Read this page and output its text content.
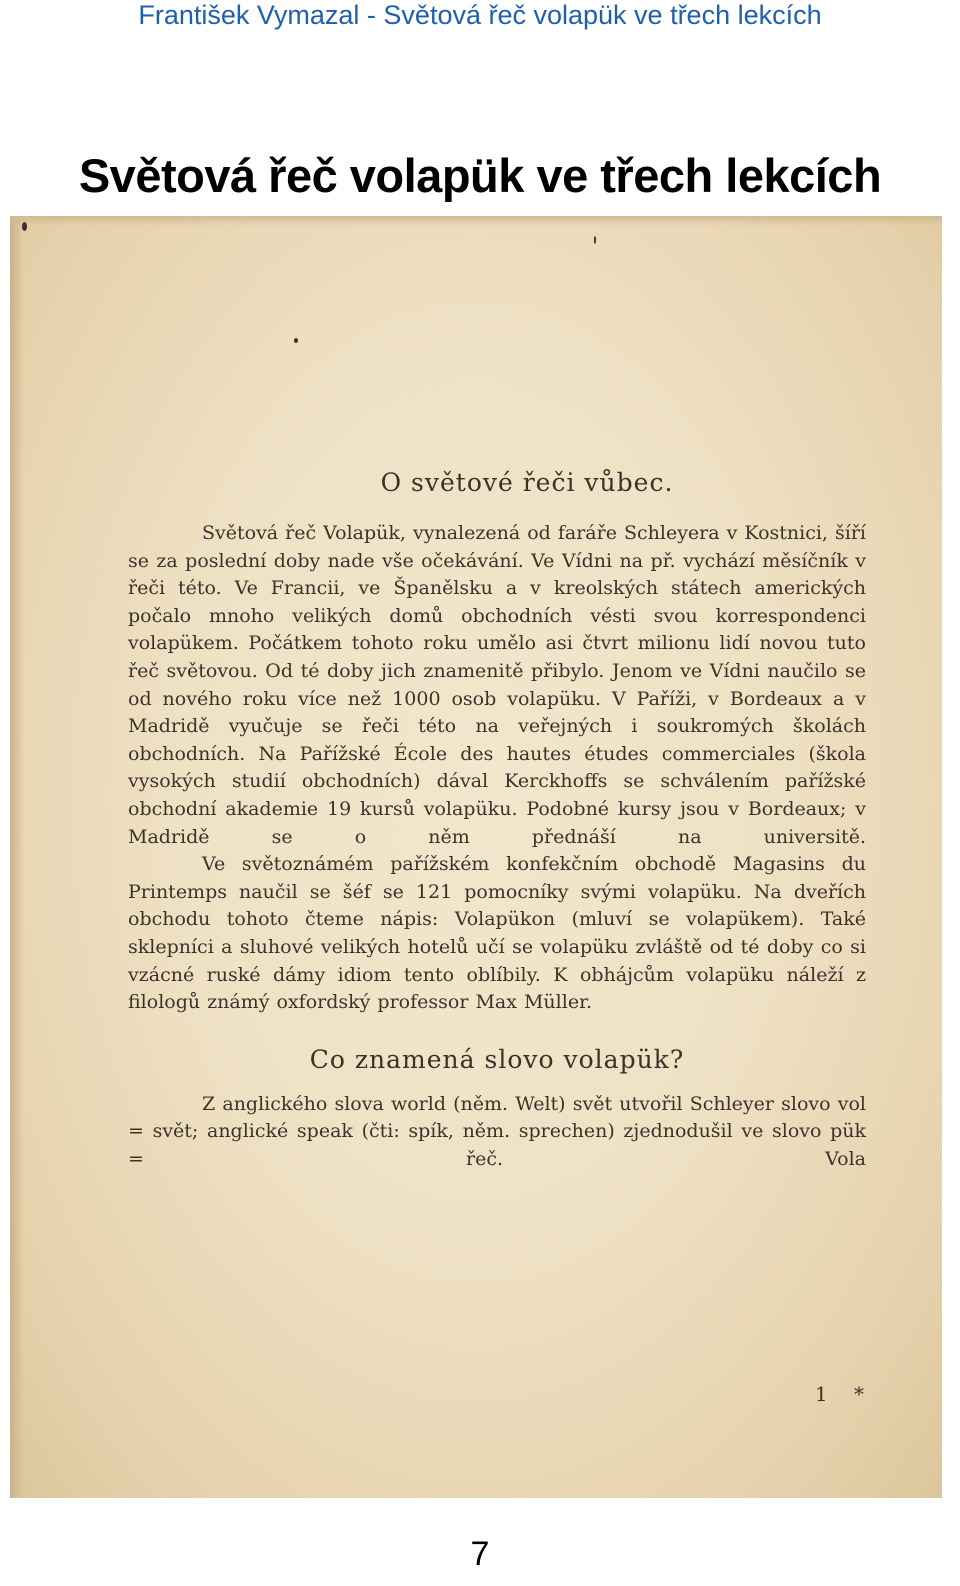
František Vymazal - Světová řeč volapük ve třech lekcích
Světová řeč volapük ve třech lekcích
O světové řeči vůbec.

Světová řeč Volapük, vynalezená od faráře Schleyera v Kostnici, šíří se za poslední doby nade vše očekávání. Ve Vídni na př. vychází měsíčník v řeči této. Ve Francii, ve Španělsku a v kreolských státech amerických počalo mnoho velikých domů obchodních vésti svou korrespondenci volapükem. Počátkem tohoto roku umělo asi čtvrt milionu lidí novou tuto řeč světovou. Od té doby jich znamenitě přibylo. Jenom ve Vídni naučilo se od nového roku více než 1000 osob volapüku. V Paříži, v Bordeaux a v Madridě vyučuje se řeči této na veřejných i soukromých školách obchodních. Na Pařížské École des hautes études commerciales (škola vysokých studií obchodních) dával Kerckhoffs se schválením pařížské obchodní akademie 19 kursů volapüku. Podobné kursy jsou v Bordeaux; v Madridě se o něm přednáší na universitě.

Ve světoznámém pařížském konfekčním obchodě Magasins du Printemps naučil se šéf se 121 pomocníky svými volapüku. Na dveřích obchodu tohoto čteme nápis: Volapükon (mluví se volapükem). Také sklepníci a sluhové velikých hotelů učí se volapüku zvláště od té doby co si vzácné ruské dámy idiom tento oblíbily. K obhájcům volapüku náleží z filologů známý oxfordský professor Max Müller.

Co znamená slovo volapük?

Z anglického slova world (něm. Welt) svět utvořil Schleyer slovo vol = svět; anglické speak (čti: spík, něm. sprechen) zjednodušil ve slovo pük = řeč. Vola

1 *
7
